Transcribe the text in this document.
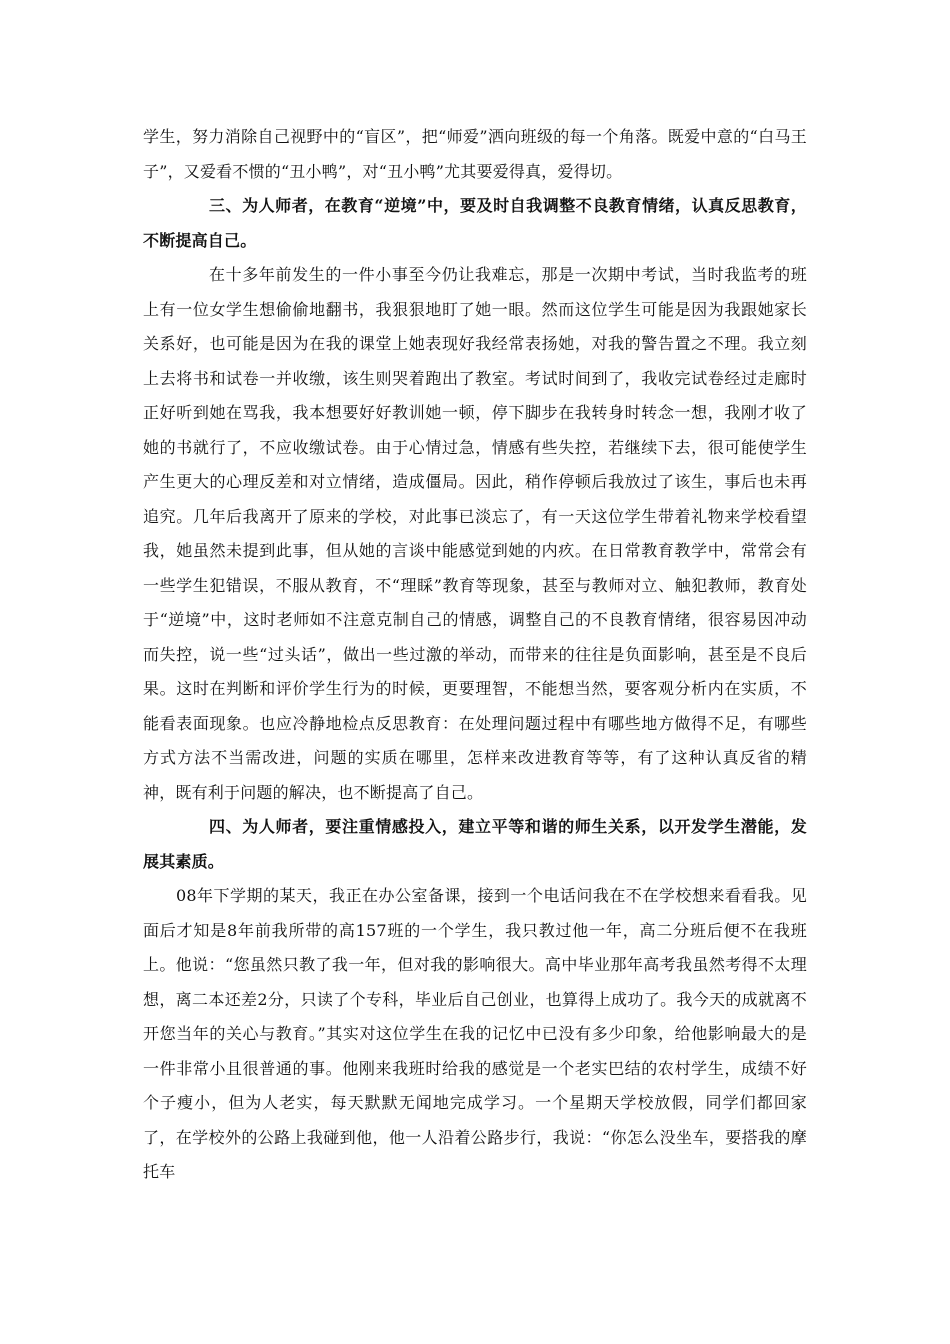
学生，努力消除自己视野中的“盲区”，把“师爱”洒向班级的每一个角落。既爱中意的“白马王子”，又爱看不惯的“丑小鸭”，对“丑小鸭”尤其要爱得真，爱得切。

三、为人师者，在教育“逆境”中，要及时自我调整不良教育情绪，认真反思教育，不断提高自己。

在十多年前发生的一件小事至今仍让我难忘，那是一次期中考试，当时我监考的班上有一位女学生想偷偷地翻书，我狠狠地盯了她一眼。然而这位学生可能是因为我跟她家长关系好，也可能是因为在我的课堂上她表现好我经常表扬她，对我的警告置之不理。我立刻上去将书和试卷一并收缴，该生则哭着跑出了教室。考试时间到了，我收完试卷经过走廊时正好听到她在骂我，我本想要好好教训她一顿，停下脚步在我转身时转念一想，我刚才收了她的书就行了，不应收缴试卷。由于心情过急，情感有些失控，若继续下去，很可能使学生产生更大的心理反差和对立情绪，造成僵局。因此，稍作停顿后我放过了该生，事后也未再追究。几年后我离开了原来的学校，对此事已淡忘了，有一天这位学生带着礼物来学校看望我，她虽然未提到此事，但从她的言谈中能感觉到她的内疚。在日常教育教学中，常常会有一些学生犯错误，不服从教育，不“理睬”教育等现象，甚至与教师对立、触犯教师，教育处于“逆境”中，这时老师如不注意克制自己的情感，调整自己的不良教育情绪，很容易因冲动而失控，说一些“过头话”，做出一些过激的举动，而带来的往往是负面影响，甚至是不良后果。这时在判断和评价学生行为的时候，更要理智，不能想当然，要客观分析内在实质，不能看表面现象。也应冷静地检点反思教育：在处理问题过程中有哪些地方做得不足，有哪些方式方法不当需改进，问题的实质在哪里，怎样来改进教育等等，有了这种认真反省的精神，既有利于问题的解决，也不断提高了自己。

四、为人师者，要注重情感投入，建立平等和谐的师生关系，以开发学生潜能，发展其素质。

08年下学期的某天，我正在办公室备课，接到一个电话问我在不在学校想来看看我。见面后才知是8年前我所带的高157班的一个学生，我只教过他一年，高二分班后便不在我班上。他说：“您虽然只教了我一年，但对我的影响很大。高中毕业那年高考我虽然考得不太理想，离二本还差2分，只读了个专科，毕业后自己创业，也算得上成功了。我今天的成就离不开您当年的关心与教育。”其实对这位学生在我的记忆中已没有多少印象，给他影响最大的是一件非常小且很普通的事。他刚来我班时给我的感觉是一个老实巴结的农村学生，成绩不好个子瘦小，但为人老实，每天默默无闻地完成学习。一个星期天学校放假，同学们都回家了，在学校外的公路上我碰到他，他一人沿着公路步行，我说：“你怎么没坐车，要搭我的摩托车
